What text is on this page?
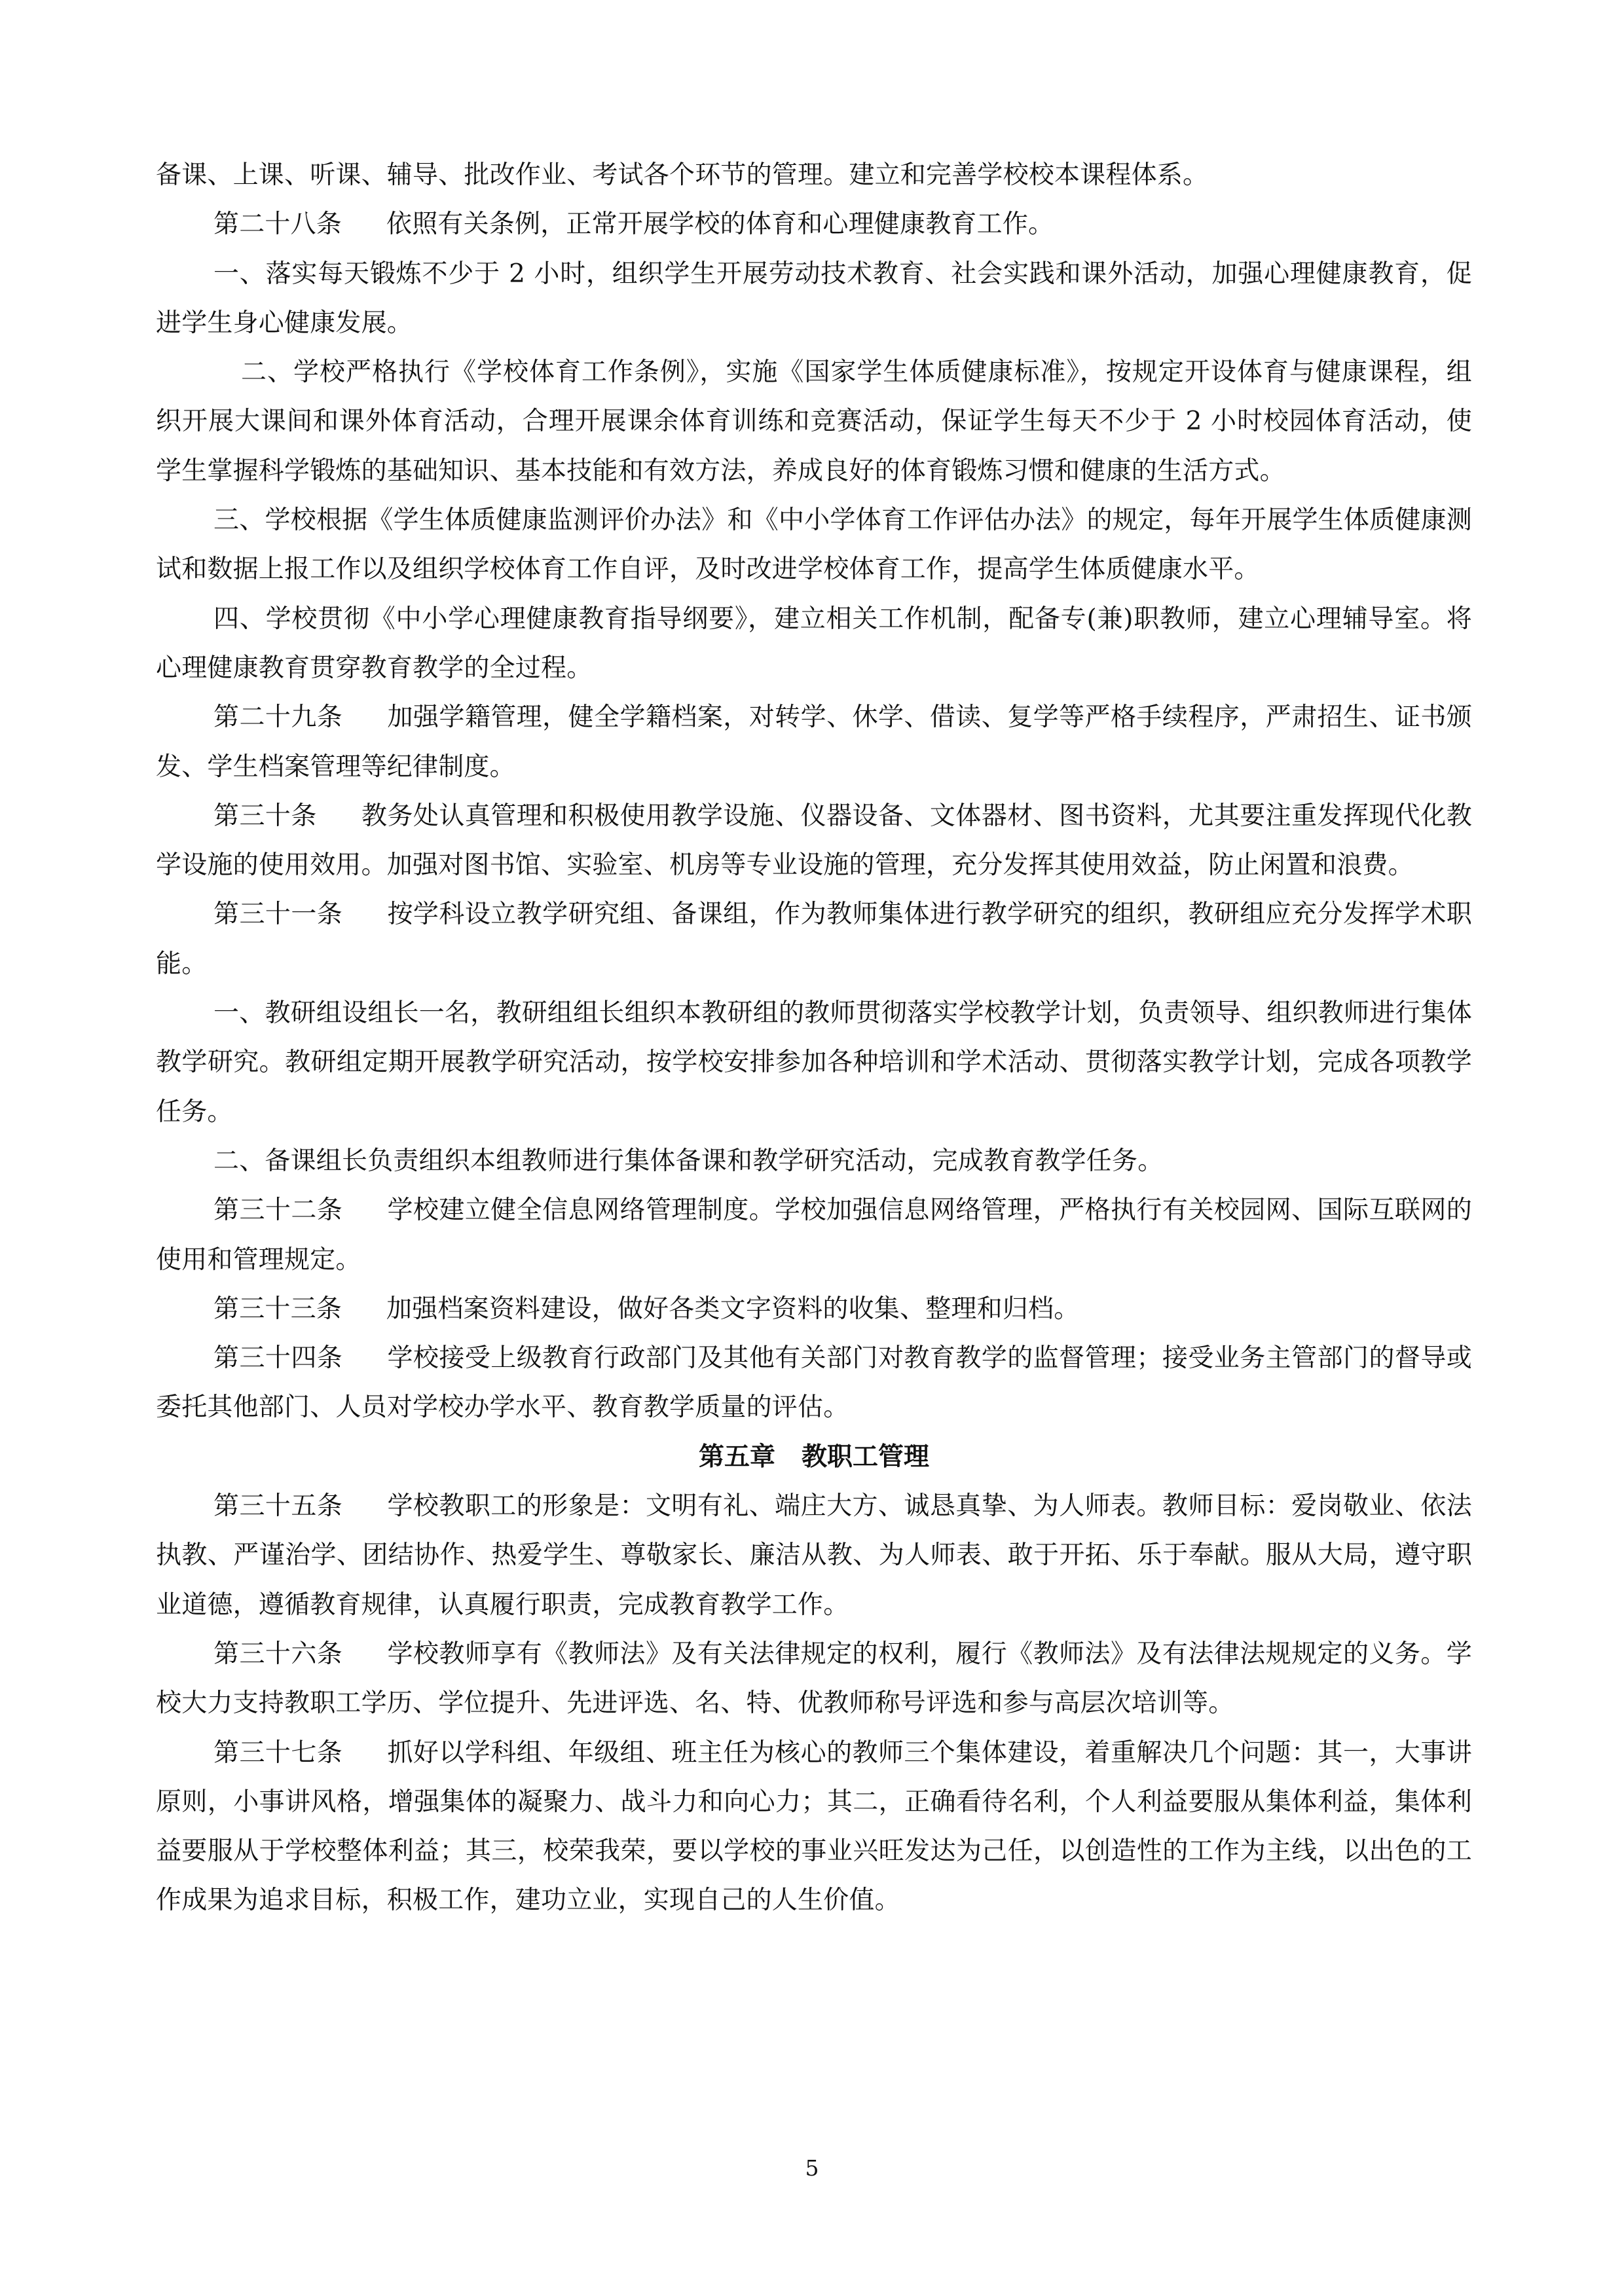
备课、上课、听课、辅导、批改作业、考试各个环节的管理。建立和完善学校校本课程体系。

第二十八条 依照有关条例，正常开展学校的体育和心理健康教育工作。

一、落实每天锻炼不少于 2 小时，组织学生开展劳动技术教育、社会实践和课外活动，加强心理健康教育，促进学生身心健康发展。

二、学校严格执行《学校体育工作条例》，实施《国家学生体质健康标准》，按规定开设体育与健康课程，组织开展大课间和课外体育活动，合理开展课余体育训练和竞赛活动，保证学生每天不少于 2 小时校园体育活动，使学生掌握科学锻炼的基础知识、基本技能和有效方法，养成良好的体育锻炼习惯和健康的生活方式。

三、学校根据《学生体质健康监测评价办法》和《中小学体育工作评估办法》的规定，每年开展学生体质健康测试和数据上报工作以及组织学校体育工作自评，及时改进学校体育工作，提高学生体质健康水平。

四、学校贯彻《中小学心理健康教育指导纲要》，建立相关工作机制，配备专(兼)职教师，建立心理辅导室。将心理健康教育贯穿教育教学的全过程。

第二十九条 加强学籍管理，健全学籍档案，对转学、休学、借读、复学等严格手续程序，严肃招生、证书颁发、学生档案管理等纪律制度。

第三十条 教务处认真管理和积极使用教学设施、仪器设备、文体器材、图书资料，尤其要注重发挥现代化教学设施的使用效用。加强对图书馆、实验室、机房等专业设施的管理，充分发挥其使用效益，防止闲置和浪费。

第三十一条 按学科设立教学研究组、备课组，作为教师集体进行教学研究的组织，教研组应充分发挥学术职能。

一、教研组设组长一名，教研组组长组织本教研组的教师贯彻落实学校教学计划，负责领导、组织教师进行集体教学研究。教研组定期开展教学研究活动，按学校安排参加各种培训和学术活动、贯彻落实教学计划，完成各项教学任务。

二、备课组长负责组织本组教师进行集体备课和教学研究活动，完成教育教学任务。

第三十二条 学校建立健全信息网络管理制度。学校加强信息网络管理，严格执行有关校园网、国际互联网的使用和管理规定。

第三十三条 加强档案资料建设，做好各类文字资料的收集、整理和归档。

第三十四条 学校接受上级教育行政部门及其他有关部门对教育教学的监督管理；接受业务主管部门的督导或委托其他部门、人员对学校办学水平、教育教学质量的评估。

第五章 教职工管理

第三十五条 学校教职工的形象是：文明有礼、端庄大方、诚恳真挚、为人师表。教师目标：爱岗敬业、依法执教、严谨治学、团结协作、热爱学生、尊敬家长、廉洁从教、为人师表、敢于开拓、乐于奉献。服从大局，遵守职业道德，遵循教育规律，认真履行职责，完成教育教学工作。

第三十六条 学校教师享有《教师法》及有关法律规定的权利，履行《教师法》及有法律法规规定的义务。学校大力支持教职工学历、学位提升、先进评选、名、特、优教师称号评选和参与高层次培训等。

第三十七条 抓好以学科组、年级组、班主任为核心的教师三个集体建设，着重解决几个问题：其一，大事讲原则，小事讲风格，增强集体的凝聚力、战斗力和向心力；其二，正确看待名利，个人利益要服从集体利益，集体利益要服从于学校整体利益；其三，校荣我荣，要以学校的事业兴旺发达为己任，以创造性的工作为主线，以出色的工作成果为追求目标，积极工作，建功立业，实现自己的人生价值。

5
